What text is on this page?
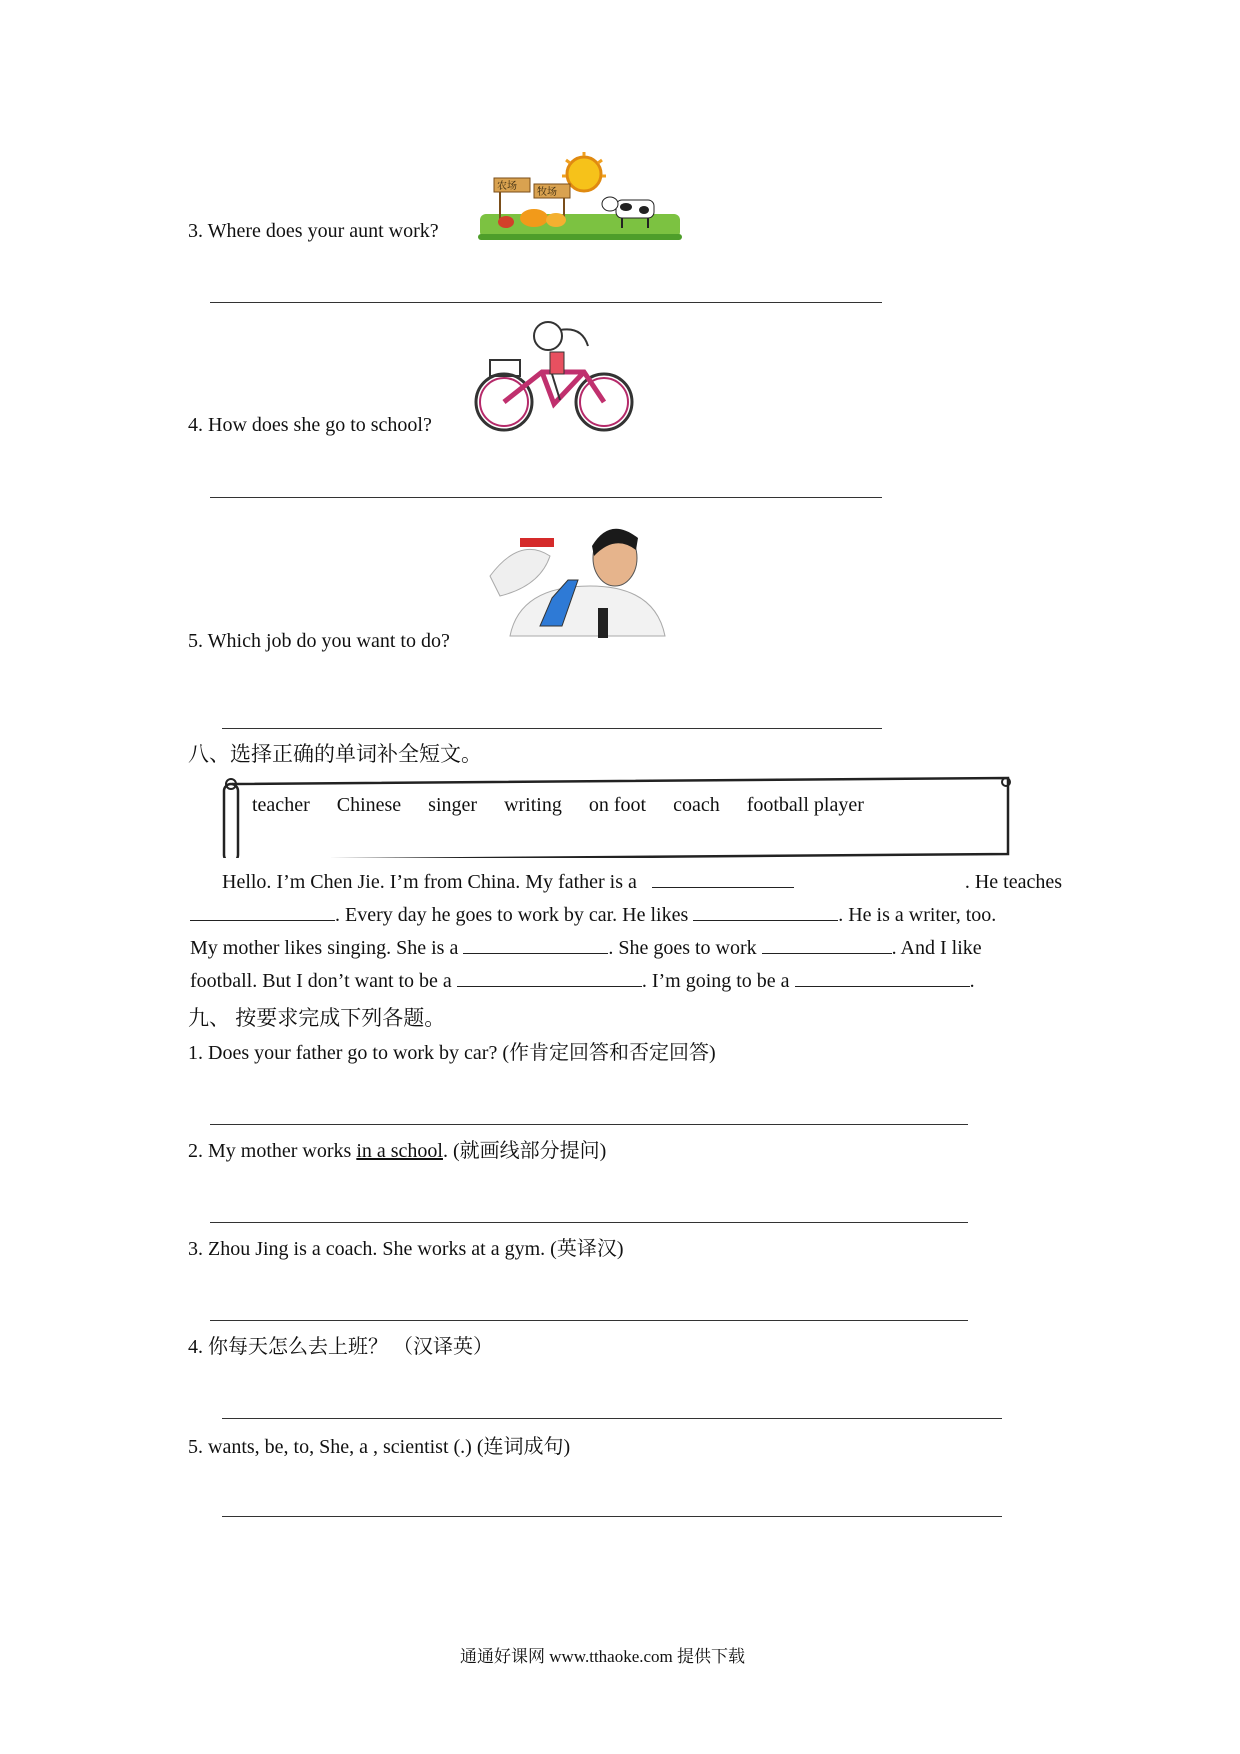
3. Where does your aunt work?
农场
牧场
4. How does she go to school?
5. Which job do you want to do?
八、选择正确的单词补全短文。
teacher Chinese singer writing on foot coach football player
Hello. I’m Chen Jie. I’m from China. My father is a	. He teaches
. Every day he goes to work by car. He likes	. He is a writer, too.
My mother likes singing. She is a	. She goes to work	. And I like
football. But I don’t want to be a	. I’m going to be a	.
九、 按要求完成下列各题。
1. Does your father go to work by car? (作肯定回答和否定回答)
2. My mother works in a school. (就画线部分提问)
3. Zhou Jing is a coach. She works at a gym. (英译汉)
4. 你每天怎么去上班？ （汉译英）
5. wants, be, to, She, a , scientist (.) (连词成句)
通通好课网 www.tthaoke.com 提供下载
